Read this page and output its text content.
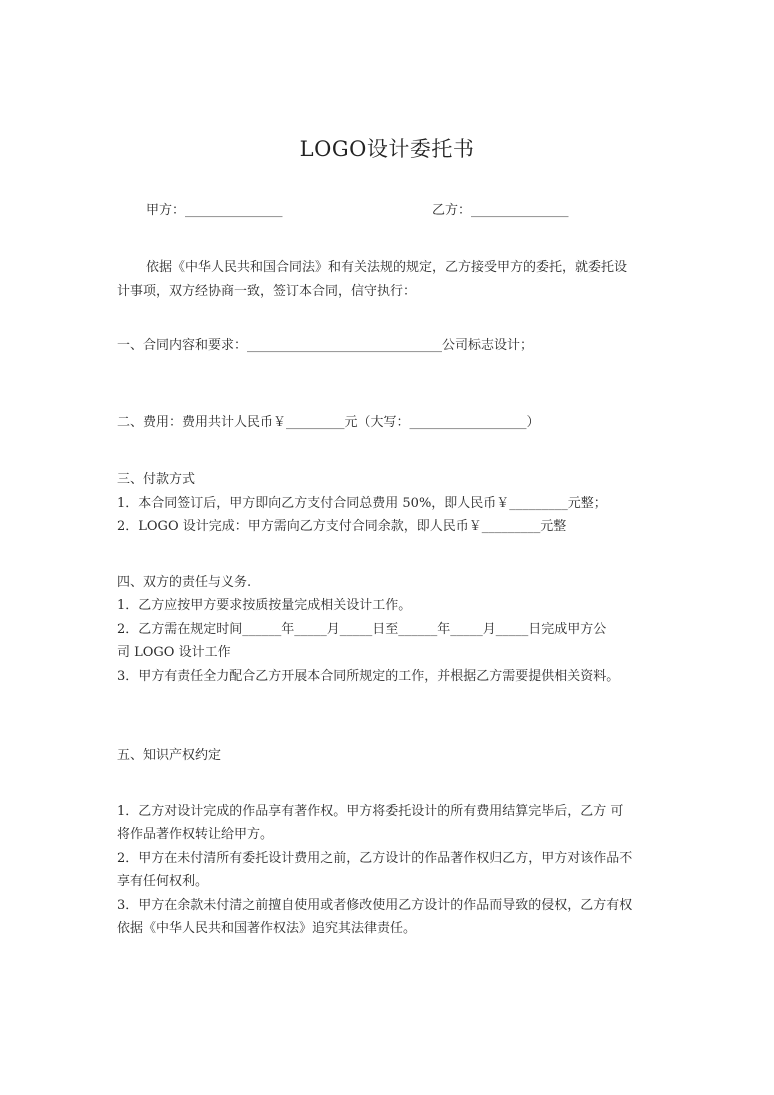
LOGO设计委托书
甲方：_______________	乙方：_______________
依据《中华人民共和国合同法》和有关法规的规定，乙方接受甲方的委托，就委托设
计事项，双方经协商一致，签订本合同，信守执行：
一、合同内容和要求：______________________________公司标志设计；
二、费用：费用共计人民币￥_________元（大写：__________________）
三、付款方式
1．本合同签订后，甲方即向乙方支付合同总费用 50%，即人民币￥_________元整；
2．LOGO 设计完成：甲方需向乙方支付合同余款，即人民币￥_________元整
四、双方的责任与义务.
1．乙方应按甲方要求按质按量完成相关设计工作。
2．乙方需在规定时间______年_____月_____日至______年_____月_____日完成甲方公
司 LOGO 设计工作
3．甲方有责任全力配合乙方开展本合同所规定的工作，并根据乙方需要提供相关资料。
五、知识产权约定
1．乙方对设计完成的作品享有著作权。甲方将委托设计的所有费用结算完毕后，乙方 可
将作品著作权转让给甲方。
2．甲方在未付清所有委托设计费用之前，乙方设计的作品著作权归乙方，甲方对该作品不
享有任何权利。
3．甲方在余款未付清之前擅自使用或者修改使用乙方设计的作品而导致的侵权，乙方有权
依据《中华人民共和国著作权法》追究其法律责任。
